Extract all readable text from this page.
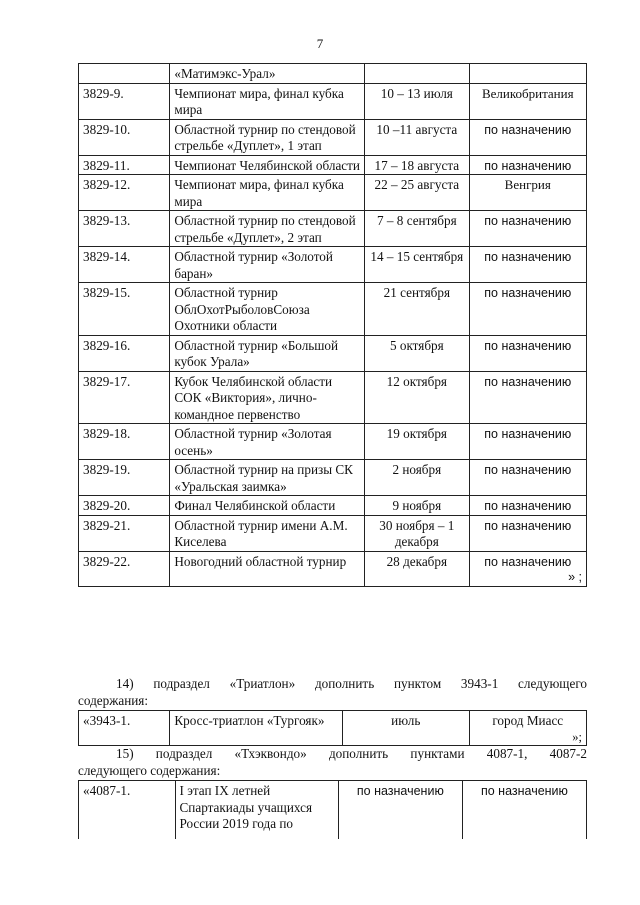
7
	«Матимэкс-Урал»		
3829-9.	Чемпионат мира, финал кубка мира	10 – 13 июля	Великобритания
3829-10.	Областной турнир по стендовой стрельбе «Дуплет», 1 этап	10 –11 августа	по назначению
3829-11.	Чемпионат Челябинской области	17 – 18 августа	по назначению
3829-12.	Чемпионат мира, финал кубка мира	22 – 25 августа	Венгрия
3829-13.	Областной турнир по стендовой стрельбе «Дуплет», 2 этап	7 – 8 сентября	по назначению
3829-14.	Областной турнир «Золотой баран»	14 – 15 сентября	по назначению
3829-15.	Областной турнир ОблОхотРыболовСоюза Охотники области	21 сентября	по назначению
3829-16.	Областной турнир «Большой кубок Урала»	5 октября	по назначению
3829-17.	Кубок Челябинской области СОК «Виктория», лично-командное первенство	12 октября	по назначению
3829-18.	Областной турнир «Золотая осень»	19 октября	по назначению
3829-19.	Областной турнир на призы СК «Уральская заимка»	2 ноября	по назначению
3829-20.	Финал Челябинской области	9 ноября	по назначению
3829-21.	Областной турнир имени А.М. Киселева	30 ноября – 1 декабря	по назначению
3829-22.	Новогодний областной турнир	28 декабря	по назначению
» ;
14) подраздел «Триатлон» дополнить пунктом 3943-1 следующего
содержания:
«3943-1.	Кросс-триатлон «Тургояк»	июль	город Миасс
»;
15) подраздел «Тхэквондо» дополнить пунктами 4087-1, 4087-2
следующего содержания:
«4087-1.	I этап IX летней Спартакиады учащихся России 2019 года по	по назначению	по назначению
